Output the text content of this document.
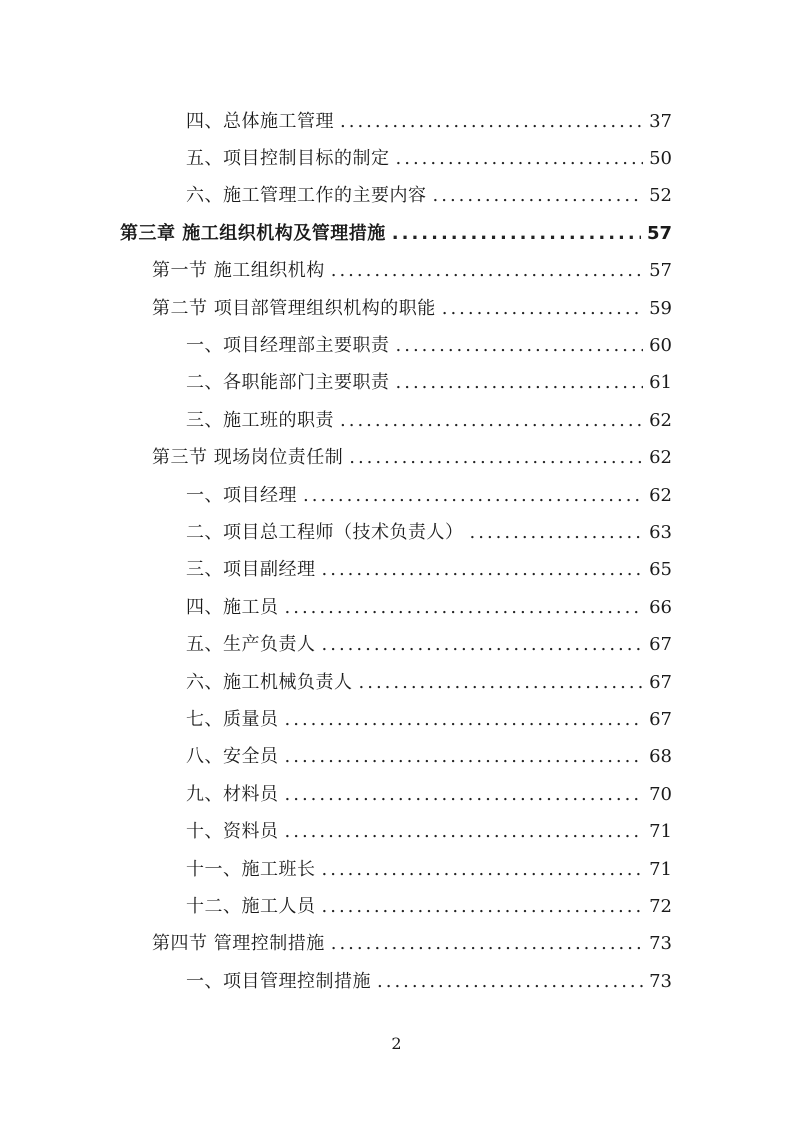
四、总体施工管理 .....	37
五、项目控制目标的制定 .....	50
六、施工管理工作的主要内容 .....	52
第三章 施工组织机构及管理措施 .....	57
第一节 施工组织机构 .....	57
第二节 项目部管理组织机构的职能 .....	59
一、项目经理部主要职责 .....	60
二、各职能部门主要职责 .....	61
三、施工班的职责 .....	62
第三节 现场岗位责任制 .....	62
一、项目经理 .....	62
二、项目总工程师（技术负责人） .....	63
三、项目副经理 .....	65
四、施工员 .....	66
五、生产负责人 .....	67
六、施工机械负责人 .....	67
七、质量员 .....	67
八、安全员 .....	68
九、材料员 .....	70
十、资料员 .....	71
十一、施工班长 .....	71
十二、施工人员 .....	72
第四节 管理控制措施 .....	73
一、项目管理控制措施 .....	73
2
